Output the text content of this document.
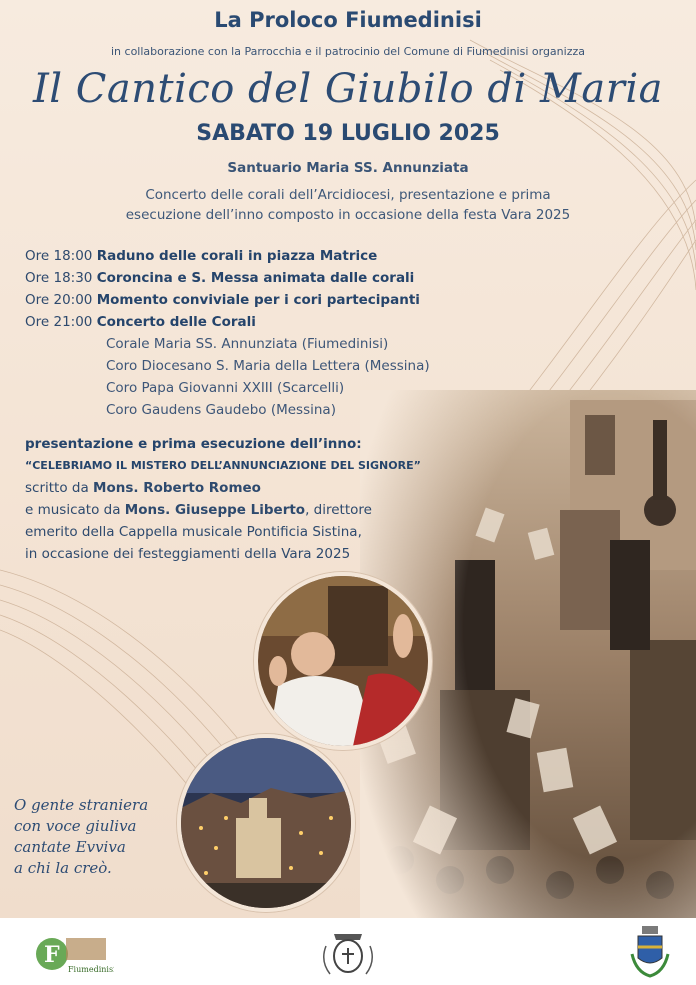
La Proloco Fiumedinisi
in collaborazione con la Parrocchia e il patrocinio del Comune di Fiumedinisi organizza
Il Cantico del Giubilo di Maria
SABATO 19 LUGLIO 2025
Santuario Maria SS. Annunziata
Concerto delle corali dell’Arcidiocesi, presentazione e prima
esecuzione dell’inno composto in occasione della festa Vara 2025
Ore 18:00 Raduno delle corali in piazza Matrice
Ore 18:30 Coroncina e S. Messa animata dalle corali
Ore 20:00 Momento conviviale per i cori partecipanti
Ore 21:00 Concerto delle Corali
Corale Maria SS. Annunziata (Fiumedinisi)
Coro Diocesano S. Maria della Lettera (Messina)
Coro Papa Giovanni XXIII (Scarcelli)
Coro Gaudens Gaudebo (Messina)
presentazione e prima esecuzione dell’inno:
“CELEBRIAMO IL MISTERO DELL’ANNUNCIAZIONE DEL SIGNORE”
scritto da Mons. Roberto Romeo
e musicato da Mons. Giuseppe Liberto, direttore
emerito della Cappella musicale Pontificia Sistina,
in occasione dei festeggiamenti della Vara 2025
O gente straniera
con voce giuliva
cantate Evviva
a chi la creò.
F
Fiumedinisi
